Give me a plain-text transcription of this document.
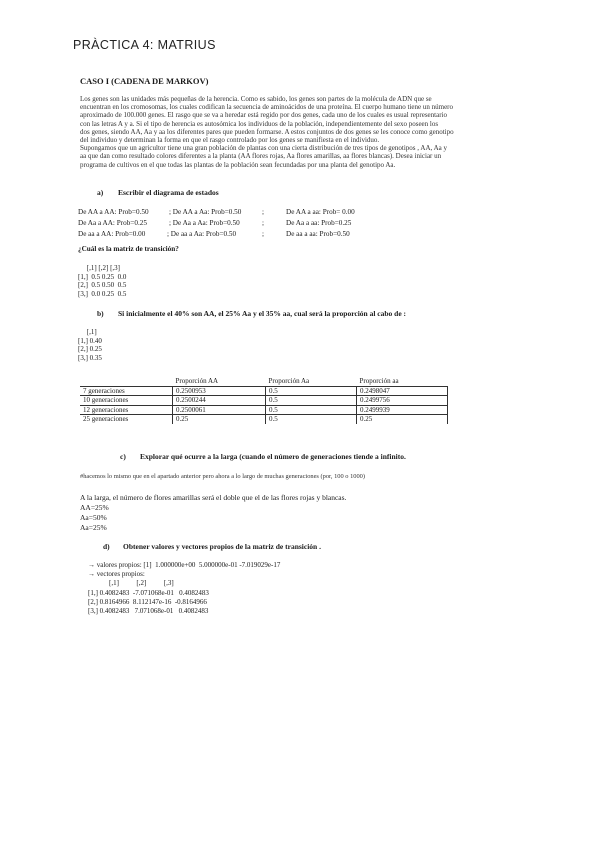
PRÀCTICA 4: MATRIUS
CASO I (CADENA DE MARKOV)
Los genes son las unidades más pequeñas de la herencia. Como es sabido, los genes son partes de la molécula de ADN que se
encuentran en los cromosomas, los cuales codifican la secuencia de aminoácidos de una proteína. El cuerpo humano tiene un número
aproximado de 100.000 genes. El rasgo que se va a heredar está regido por dos genes, cada uno de los cuales es usual representario
con las letras A y a. Si el tipo de herencia es autosómica los individuos de la población, independientemente del sexo poseen los
dos genes, siendo AA, Aa y aa los diferentes pares que pueden formarse. A estos conjuntos de dos genes se les conoce como genotipo
del individuo y determinan la forma en que el rasgo controlado por los genes se manifiesta en el individuo.
Supongamos que un agricultor tiene una gran población de plantas con una cierta distribución de tres tipos de genotipos , AA, Aa y
aa que dan como resultado colores diferentes a la planta (AA flores rojas, Aa flores amarillas, aa flores blancas). Desea iniciar un
programa de cultivos en el que todas las plantas de la población sean fecundadas por una planta del genotipo Aa.
a) Escribir el diagrama de estados
De AA a AA: Prob=0.50	; De AA a Aa: Prob=0.50	;	De AA a aa: Prob= 0.00
De Aa a AA: Prob=0.25	; De Aa a Aa: Prob=0.50	;	De Aa a aa: Prob=0.25
De aa a AA: Prob=0.00	; De aa a Aa: Prob=0.50	;	De aa a aa: Prob=0.50
¿Cuál es la matriz de transición?
[,1] [,2] [,3]
[1,]  0.5 0.25  0.0
[2,]  0.5 0.50  0.5
[3,]  0.0 0.25  0.5
b) Si inicialmente el 40% son AA, el 25% Aa y el 35% aa, cual será la proporción al cabo de :
[,1]
[1,] 0.40
[2,] 0.25
[3,] 0.35
	Proporción AA	Proporción Aa	Proporción aa
7 generaciones	0.2500953	0.5	0.2498047
10 generaciones	0.2500244	0.5	0.2499756
12 generaciones	0.2500061	0.5	0.2499939
25 generaciones	0.25	0.5	0.25
c) Explorar qué ocurre a la larga (cuando el número de generaciones tiende a infinito.
#hacemos lo mismo que en el apartado anterior pero ahora a lo largo de muchas generaciones (por, 100 o 1000)
A la larga, el número de flores amarillas será el doble que el de las flores rojas y blancas.
AA=25%
Aa=50%
Aa=25%
d) Obtener valores y vectores propios de la matriz de transición .
→ valores propios: [1]  1.000000e+00  5.000000e-01 -7.019029e-17
→ vectores propios:
[,1]          [,2]          [,3]
[1,] 0.4082483  -7.071068e-01   0.4082483
[2,] 0.8164966  8.112147e-16  -0.8164966
[3,] 0.4082483   7.071068e-01   0.4082483
